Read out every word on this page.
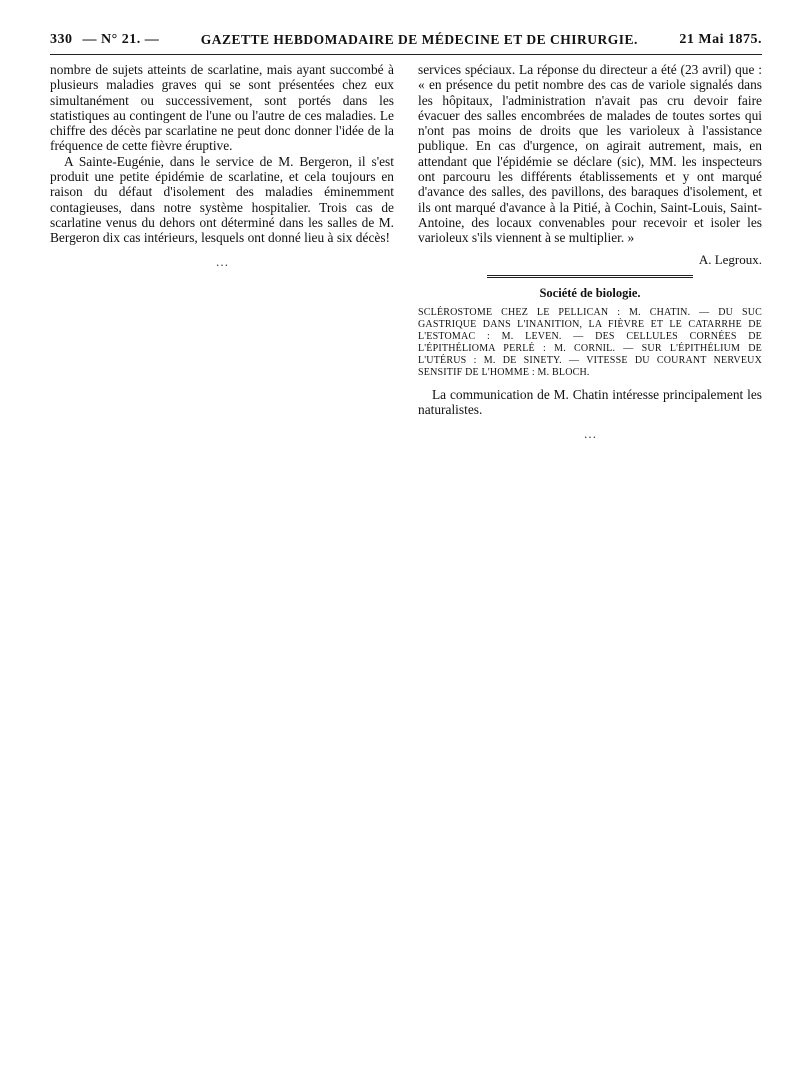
330 — N° 21. —	GAZETTE HEBDOMADAIRE DE MÉDECINE ET DE CHIRURGIE.	21 Mai 1875.

nombre de sujets atteints de scarlatine, mais ayant succombé à plusieurs maladies graves qui se sont présentées chez eux simultanément ou successivement, sont portés dans les statistiques au contingent de l'une ou l'autre de ces maladies. Le chiffre des décès par scarlatine ne peut donc donner l'idée de la fréquence de cette fièvre éruptive.

A Sainte-Eugénie, dans le service de M. Bergeron, il s'est produit une petite épidémie de scarlatine, et cela toujours en raison du défaut d'isolement des maladies éminemment contagieuses, dans notre système hospitalier. Trois cas de scarlatine venus du dehors ont déterminé dans les salles de M. Bergeron dix cas intérieurs, lesquels ont donné lieu à six décès!

…

services spéciaux. La réponse du directeur a été (23 avril) que : « en présence du petit nombre des cas de variole signalés dans les hôpitaux, l'administration n'avait pas cru devoir faire évacuer des salles encombrées de malades de toutes sortes qui n'ont pas moins de droits que les varioleux à l'assistance publique. En cas d'urgence, on agirait autrement, mais, en attendant que l'épidémie se déclare (sic), MM. les inspecteurs ont parcouru les différents établissements et y ont marqué d'avance des salles, des pavillons, des baraques d'isolement, et ils ont marqué d'avance à la Pitié, à Cochin, Saint-Louis, Saint-Antoine, des locaux convenables pour recevoir et isoler les varioleux s'ils viennent à se multiplier. »

A. Legroux.
Société de biologie.
SCLÉROSTOME CHEZ LE PELLICAN : M. CHATIN. — DU SUC GASTRIQUE DANS L'INANITION, LA FIÈVRE ET LE CATARRHE DE L'ESTOMAC : M. LEVEN. — DES CELLULES CORNÉES DE L'ÉPITHÉLIOMA PERLÉ : M. CORNIL. — SUR L'ÉPITHÉLIUM DE L'UTÉRUS : M. DE SINETY. — VITESSE DU COURANT NERVEUX SENSITIF DE L'HOMME : M. BLOCH.

La communication de M. Chatin intéresse principalement les naturalistes.

…
